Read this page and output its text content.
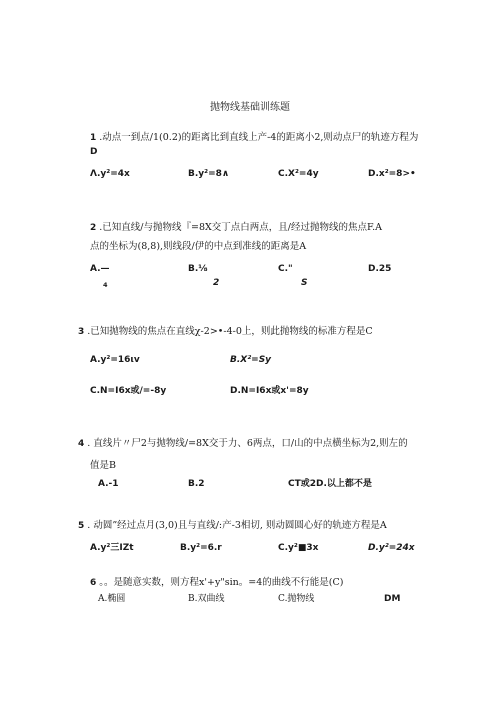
抛物线基础训练题
1 .动点一到点/1(0.2)的距离比到直线上产-4的距离小2,则动点尸的轨迹方程为
D
Λ.y²=4x	B.y²=8∧	C.X²=4y	D.x²=8>•
2 .已知直线/与抛物线『=8X交丁点白两点，且/经过抛物线的焦点F.A
点的坐标为(8,8),则线段/伊的中点到准线的距离是A
A.—	B.⅛	C."	D.25
4	2	S
3 .已知抛物线的焦点在直线χ-2>•-4-0上，则此抛物线的标准方程是C
A.y²=16ιv	B.X²=Sy
C.N=I6x或/=-8y	D.N=I6x或x'=8y
4 . 直线片〃尸2与抛物线/=8X交于力、6两点，口/山的中点横坐标为2,则左的
值是B
A.-1	B.2	CT或2D.以上都不是
5 . 动圆”经过点月(3,0)且与直线/:产-3相切, 则动圆圆心好的轨迹方程是A
A.y²三IZt	B.y²=6.r	C.y²■3x	D.y²=24x
6 。。是随意实数，则方程x'+y"sin。=4的曲线不行能是(C)
A.椭圆	B.双曲线	C.抛物线	DM
